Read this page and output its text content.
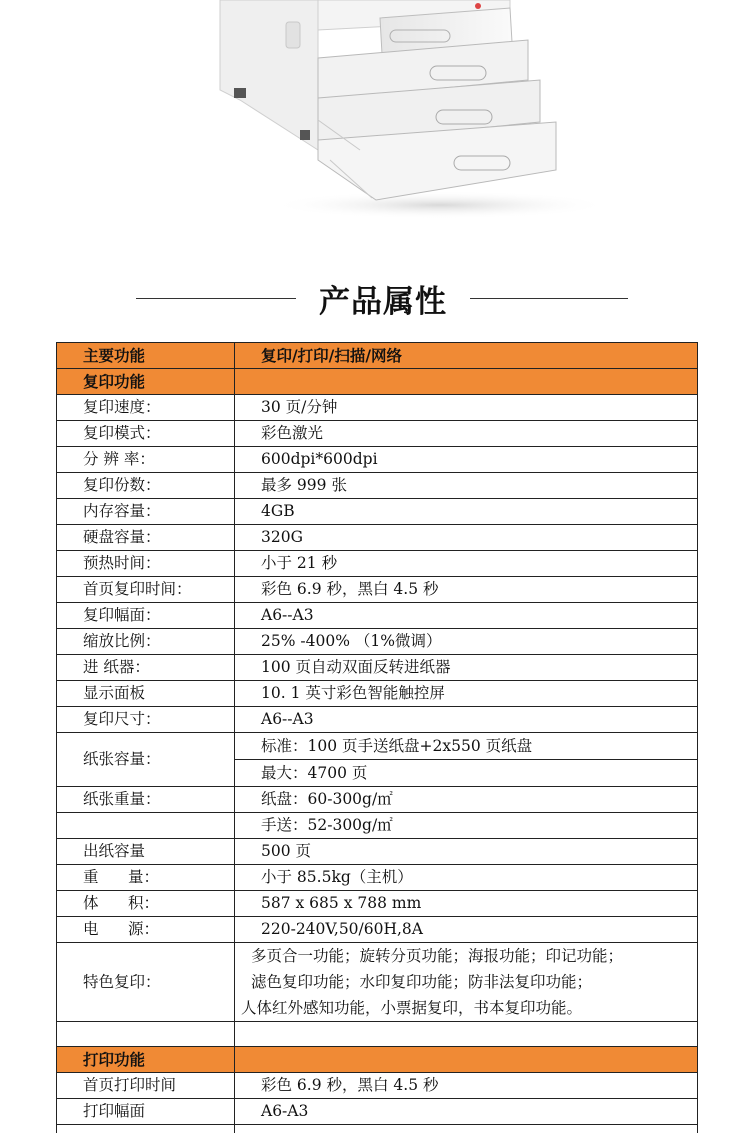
产品属性
主要功能	复印/打印/扫描/网络
复印功能	
复印速度：	30 页/分钟
复印模式：	彩色激光
分 辨 率：	600dpi*600dpi
复印份数：	最多 999 张
内存容量：	4GB
硬盘容量：	320G
预热时间：	小于 21 秒
首页复印时间：	彩色 6.9 秒，黑白 4.5 秒
复印幅面：	A6--A3
缩放比例：	25% -400% （1%微调）
进 纸器：	100 页自动双面反转进纸器
显示面板	10. 1 英寸彩色智能触控屏
复印尺寸：	A6--A3
纸张容量：	标准：100 页手送纸盘+2x550 页纸盘
最大：4700 页

纸张重量：	纸盘：60-300g/㎡
	手送：52-300g/㎡
出纸容量	500 页
重      量：	小于 85.5kg（主机）
体      积：	587 x 685 x 788 mm
电      源：	220-240V,50/60H,8A
特色复印：	多页合一功能；旋转分页功能；海报功能；印记功能；
滤色复印功能；水印复印功能；防非法复印功能；
人体红外感知功能，小票据复印，书本复印功能。

打印功能	
首页打印时间	彩色 6.9 秒，黑白 4.5 秒
打印幅面	A6-A3
